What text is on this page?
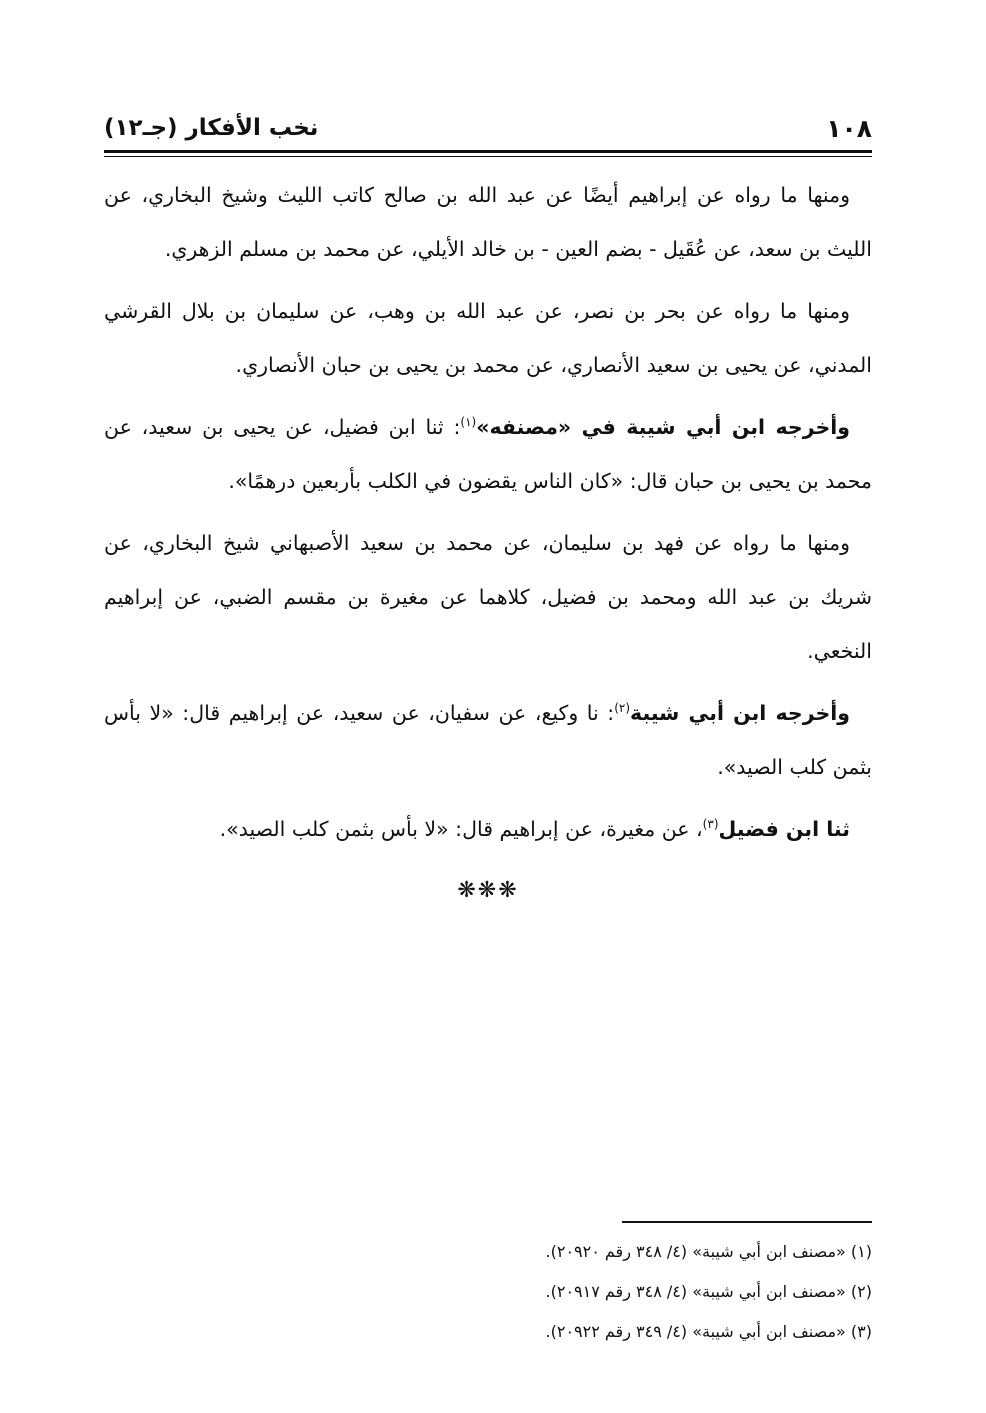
١٠٨
نخب الأفكار (جـ١٢)

ومنها ما رواه عن إبراهيم أيضًا عن عبد الله بن صالح كاتب الليث وشيخ البخاري، عن الليث بن سعد، عن عُقَيل - بضم العين - بن خالد الأيلي، عن محمد بن مسلم الزهري.

ومنها ما رواه عن بحر بن نصر، عن عبد الله بن وهب، عن سليمان بن بلال القرشي المدني، عن يحيى بن سعيد الأنصاري، عن محمد بن يحيى بن حبان الأنصاري.

وأخرجه ابن أبي شيبة في «مصنفه»$^{(١)}$: ثنا ابن فضيل، عن يحيى بن سعيد، عن محمد بن يحيى بن حبان قال: «كان الناس يقضون في الكلب بأربعين درهمًا».

ومنها ما رواه عن فهد بن سليمان، عن محمد بن سعيد الأصبهاني شيخ البخاري، عن شريك بن عبد الله ومحمد بن فضيل، كلاهما عن مغيرة بن مقسم الضبي، عن إبراهيم النخعي.

وأخرجه ابن أبي شيبة$^{(٢)}$: نا وكيع، عن سفيان، عن سعيد، عن إبراهيم قال: «لا بأس بثمن كلب الصيد».

ثنا ابن فضيل$^{(٣)}$، عن مغيرة، عن إبراهيم قال: «لا بأس بثمن كلب الصيد».

❋❋❋

(١) «مصنف ابن أبي شيبة» (٤/ ٣٤٨ رقم ٢٠٩٢٠).

(٢) «مصنف ابن أبي شيبة» (٤/ ٣٤٨ رقم ٢٠٩١٧).

(٣) «مصنف ابن أبي شيبة» (٤/ ٣٤٩ رقم ٢٠٩٢٢).
